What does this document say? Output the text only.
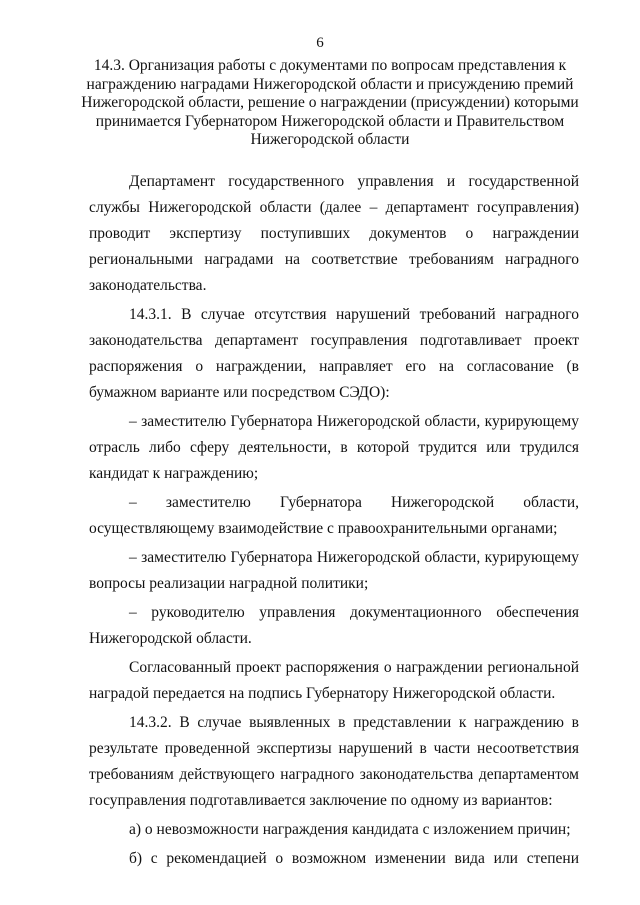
6
14.3. Организация работы с документами по вопросам представления к награждению наградами Нижегородской области и присуждению премий Нижегородской области, решение о награждении (присуждении) которыми принимается Губернатором Нижегородской области и Правительством Нижегородской области

Департамент государственного управления и государственной службы Нижегородской области (далее – департамент госуправления) проводит экспертизу поступивших документов о награждении региональными наградами на соответствие требованиям наградного законодательства.

14.3.1. В случае отсутствия нарушений требований наградного законодательства департамент госуправления подготавливает проект распоряжения о награждении, направляет его на согласование (в бумажном варианте или посредством СЭДО):

– заместителю Губернатора Нижегородской области, курирующему отрасль либо сферу деятельности, в которой трудится или трудился кандидат к награждению;

– заместителю Губернатора Нижегородской области, осуществляющему взаимодействие с правоохранительными органами;

– заместителю Губернатора Нижегородской области, курирующему вопросы реализации наградной политики;

– руководителю управления документационного обеспечения Нижегородской области.

Согласованный проект распоряжения о награждении региональной наградой передается на подпись Губернатору Нижегородской области.

14.3.2. В случае выявленных в представлении к награждению в результате проведенной экспертизы нарушений в части несоответствия требованиям действующего наградного законодательства департаментом госуправления подготавливается заключение по одному из вариантов:

а) о невозможности награждения кандидата с изложением причин;

б) с рекомендацией о возможном изменении вида или степени
